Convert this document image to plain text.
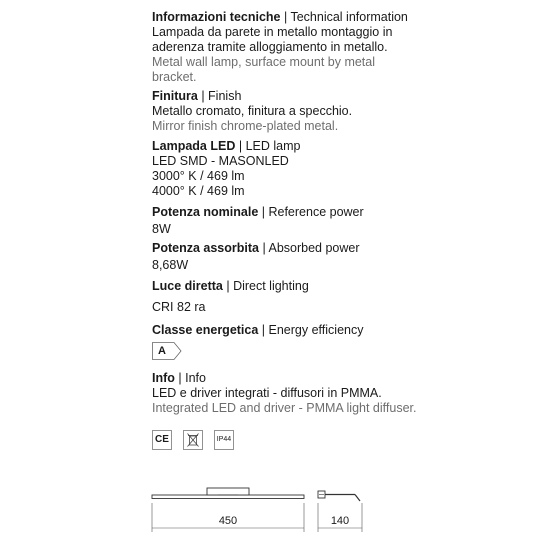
Informazioni tecniche | Technical information
Lampada da parete in metallo montaggio in
aderenza tramite alloggiamento in metallo.
Metal wall lamp, surface mount by metal
bracket.
Finitura | Finish
Metallo cromato, finitura a specchio.
Mirror finish chrome-plated metal.
Lampada LED | LED lamp
LED SMD - MASONLED
3000° K / 469 lm
4000° K / 469 lm
Potenza nominale | Reference power
8W
Potenza assorbita | Absorbed power
8,68W
Luce diretta | Direct lighting
CRI 82 ra
Classe energetica | Energy efficiency
A
Info | Info
LED e driver integrati - diffusori in PMMA.
Integrated LED and driver - PMMA light diffuser.
CE	IP44
450	140
